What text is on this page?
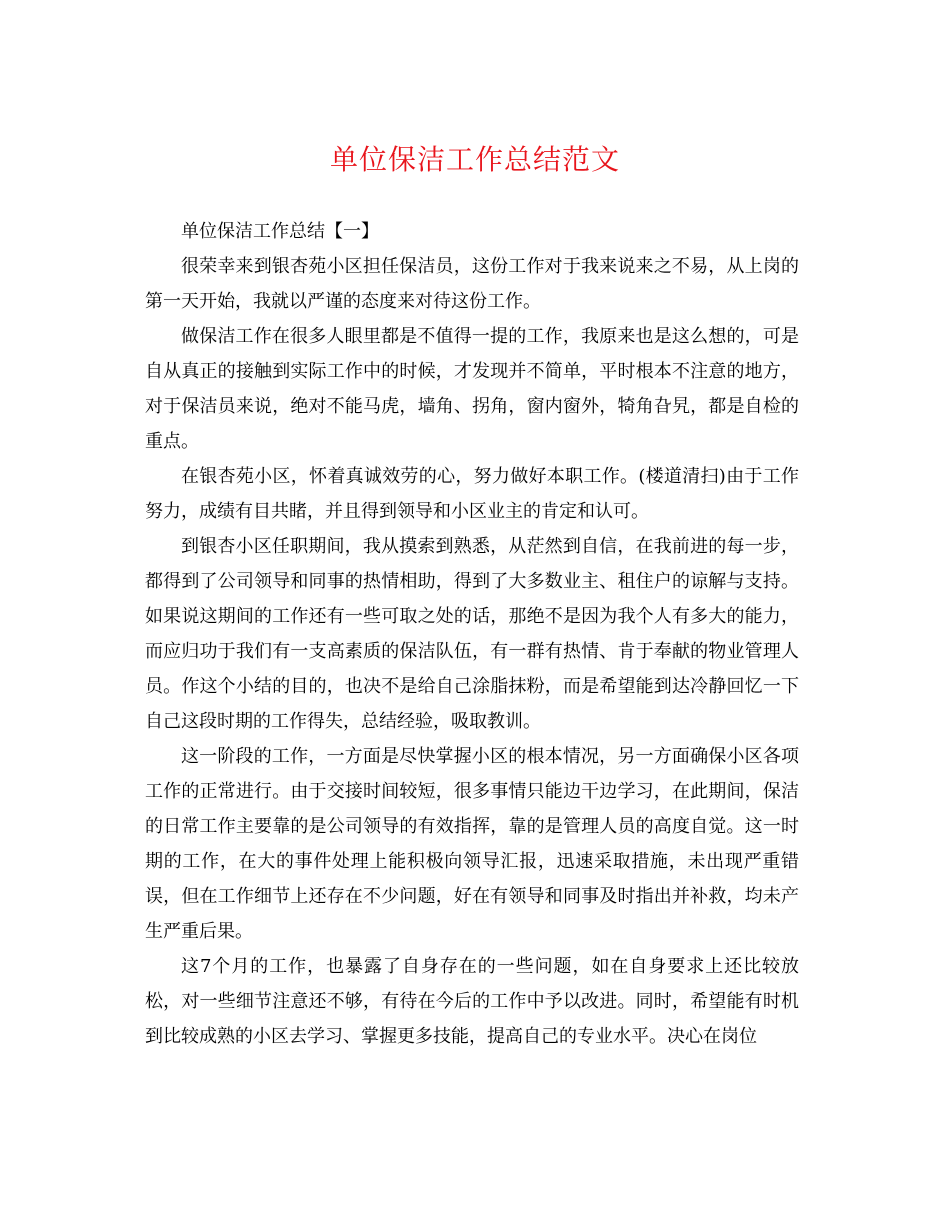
单位保洁工作总结范文

单位保洁工作总结【一】

很荣幸来到银杏苑小区担任保洁员，这份工作对于我来说来之不易，从上岗的第一天开始，我就以严谨的态度来对待这份工作。

做保洁工作在很多人眼里都是不值得一提的工作，我原来也是这么想的，可是自从真正的接触到实际工作中的时候，才发现并不简单，平时根本不注意的地方，对于保洁员来说，绝对不能马虎，墙角、拐角，窗内窗外，犄角旮旯，都是自检的重点。

在银杏苑小区，怀着真诚效劳的心，努力做好本职工作。(楼道清扫)由于工作努力，成绩有目共睹，并且得到领导和小区业主的肯定和认可。

到银杏小区任职期间，我从摸索到熟悉，从茫然到自信，在我前进的每一步，都得到了公司领导和同事的热情相助，得到了大多数业主、租住户的谅解与支持。如果说这期间的工作还有一些可取之处的话，那绝不是因为我个人有多大的能力，而应归功于我们有一支高素质的保洁队伍，有一群有热情、肯于奉献的物业管理人员。作这个小结的目的，也决不是给自己涂脂抹粉，而是希望能到达冷静回忆一下自己这段时期的工作得失，总结经验，吸取教训。

这一阶段的工作，一方面是尽快掌握小区的根本情况，另一方面确保小区各项工作的正常进行。由于交接时间较短，很多事情只能边干边学习，在此期间，保洁的日常工作主要靠的是公司领导的有效指挥，靠的是管理人员的高度自觉。这一时期的工作，在大的事件处理上能积极向领导汇报，迅速采取措施，未出现严重错误，但在工作细节上还存在不少问题，好在有领导和同事及时指出并补救，均未产生严重后果。

这7个月的工作，也暴露了自身存在的一些问题，如在自身要求上还比较放松，对一些细节注意还不够，有待在今后的工作中予以改进。同时，希望能有时机到比较成熟的小区去学习、掌握更多技能，提高自己的专业水平。决心在岗位
